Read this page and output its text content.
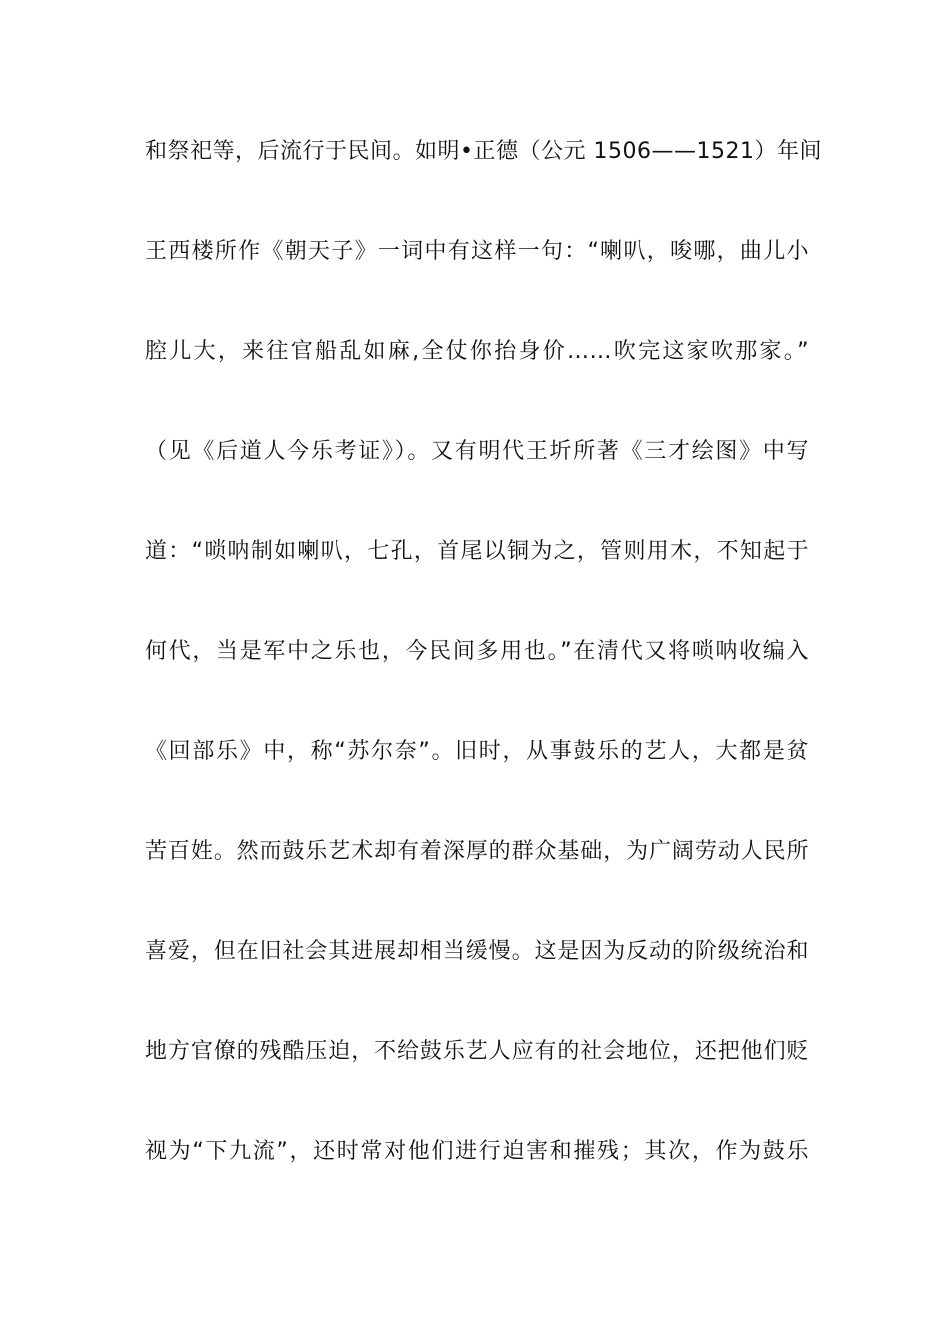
和祭祀等，后流行于民间。如明•正德（公元 1506——1521）年间
王西楼所作《朝天子》一词中有这样一句：“喇叭，唆哪，曲儿小
腔儿大，来往官船乱如麻,全仗你抬身价……吹完这家吹那家。”
（见《后道人今乐考证》）。又有明代王圻所著《三才绘图》中写
道：“唢呐制如喇叭，七孔，首尾以铜为之，管则用木，不知起于
何代，当是军中之乐也，今民间多用也。”在清代又将唢呐收编入
《回部乐》中，称“苏尔奈”。旧时，从事鼓乐的艺人，大都是贫
苦百姓。然而鼓乐艺术却有着深厚的群众基础，为广阔劳动人民所
喜爱，但在旧社会其进展却相当缓慢。这是因为反动的阶级统治和
地方官僚的残酷压迫，不给鼓乐艺人应有的社会地位，还把他们贬
视为“下九流”，还时常对他们进行迫害和摧残；其次，作为鼓乐
